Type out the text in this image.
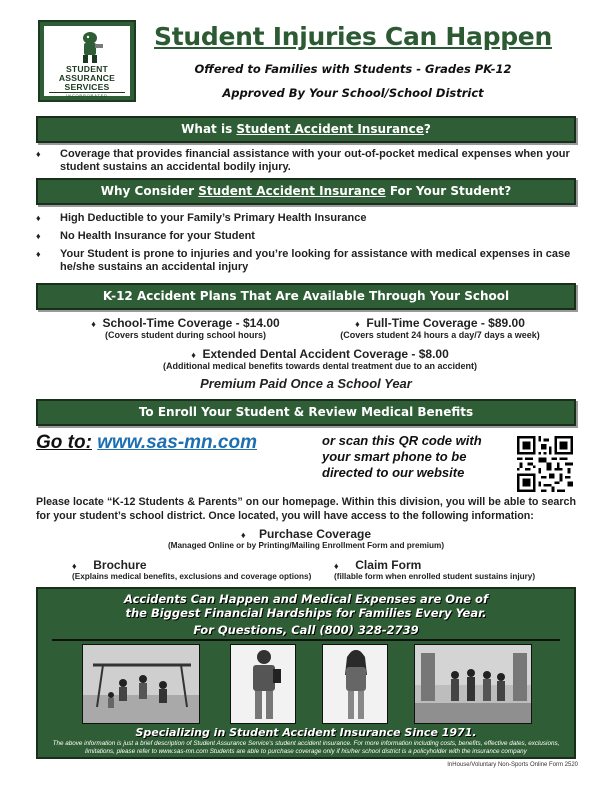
STUDENT
ASSURANCE
SERVICES
INCORPORATED
Student Injuries Can Happen
Offered to Families with Students - Grades PK-12
Approved By Your School/School District
What is Student Accident Insurance?
♦ Coverage that provides financial assistance with your out-of-pocket medical expenses when your student sustains an accidental bodily injury.
Why Consider Student Accident Insurance For Your Student?
♦ High Deductible to your Family’s Primary Health Insurance
♦ No Health Insurance for your Student
♦ Your Student is prone to injuries and you’re looking for assistance with medical expenses in case he/she sustains an accidental injury
K-12 Accident Plans That Are Available Through Your School
♦ School-Time Coverage - $14.00
(Covers student during school hours)
♦ Full-Time Coverage - $89.00
(Covers student 24 hours a day/7 days a week)
♦ Extended Dental Accident Coverage - $8.00
(Additional medical benefits towards dental treatment due to an accident)
Premium Paid Once a School Year
To Enroll Your Student & Review Medical Benefits
Go to: www.sas-mn.com	or scan this QR code with your smart phone to be directed to our website
Please locate “K-12 Students & Parents” on our homepage. Within this division, you will be able to search for your student’s school district. Once located, you will have access to the following information:
♦ Purchase Coverage
(Managed Online or by Printing/Mailing Enrollment Form and premium)
♦ Brochure
(Explains medical benefits, exclusions and coverage options)
♦ Claim Form
(fillable form when enrolled student sustains injury)
Accidents Can Happen and Medical Expenses are One of
the Biggest Financial Hardships for Families Every Year.
For Questions, Call (800) 328-2739
Specializing in Student Accident Insurance Since 1971.
The above information is just a brief description of Student Assurance Service's student accident insurance. For more information including costs, benefits, effective dates, exclusions, limitations, please refer to www.sas-mn.com Students are able to purchase coverage only if his/her school district is a policyholder with the insurance company
InHouse/Voluntary Non-Sports Online Form 2520
